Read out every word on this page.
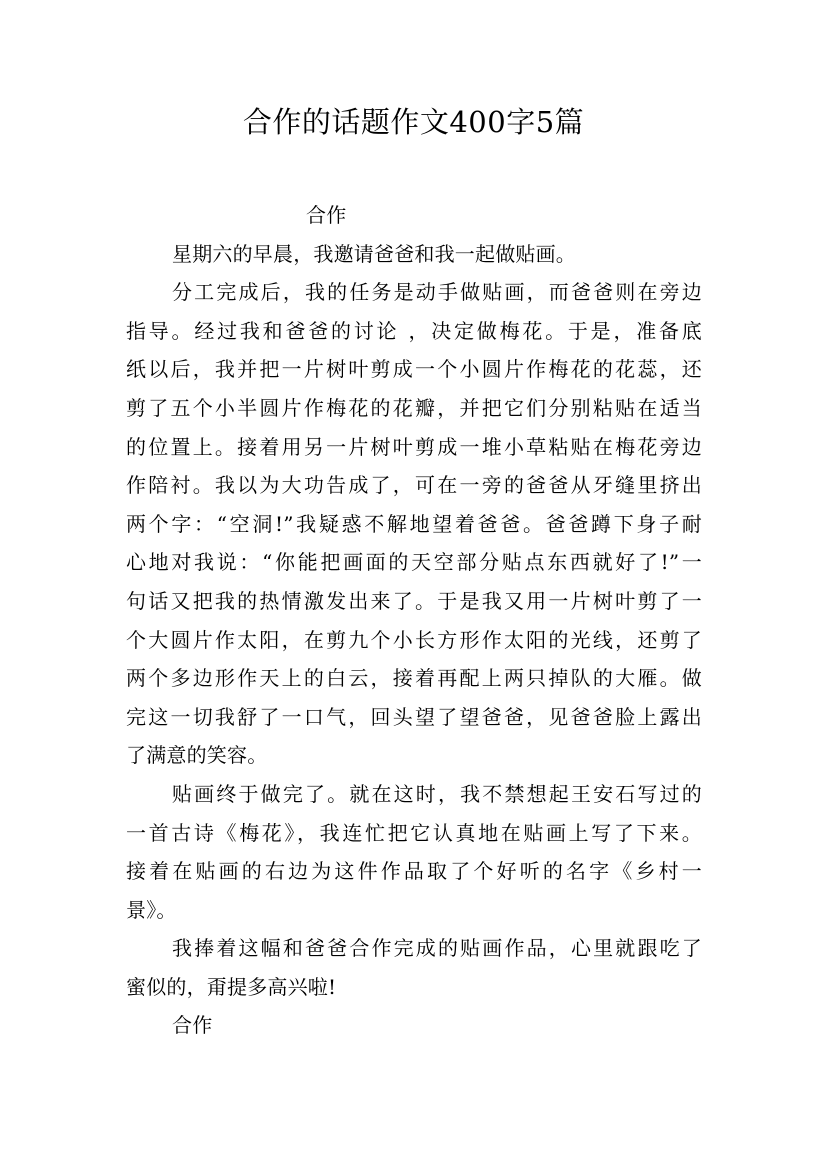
合作的话题作文400字5篇
合作
星期六的早晨，我邀请爸爸和我一起做贴画。
分工完成后，我的任务是动手做贴画，而爸爸则在旁边
指导。经过我和爸爸的讨论 ，决定做梅花。于是，准备底
纸以后，我并把一片树叶剪成一个小圆片作梅花的花蕊，还
剪了五个小半圆片作梅花的花瓣，并把它们分别粘贴在适当
的位置上。接着用另一片树叶剪成一堆小草粘贴在梅花旁边
作陪衬。我以为大功告成了，可在一旁的爸爸从牙缝里挤出
两个字：“空洞!”我疑惑不解地望着爸爸。爸爸蹲下身子耐
心地对我说：“你能把画面的天空部分贴点东西就好了!”一
句话又把我的热情激发出来了。于是我又用一片树叶剪了一
个大圆片作太阳，在剪九个小长方形作太阳的光线，还剪了
两个多边形作天上的白云，接着再配上两只掉队的大雁。做
完这一切我舒了一口气，回头望了望爸爸，见爸爸脸上露出
了满意的笑容。
贴画终于做完了。就在这时，我不禁想起王安石写过的
一首古诗《梅花》，我连忙把它认真地在贴画上写了下来。
接着在贴画的右边为这件作品取了个好听的名字《乡村一
景》。
我捧着这幅和爸爸合作完成的贴画作品，心里就跟吃了
蜜似的，甭提多高兴啦!
合作
